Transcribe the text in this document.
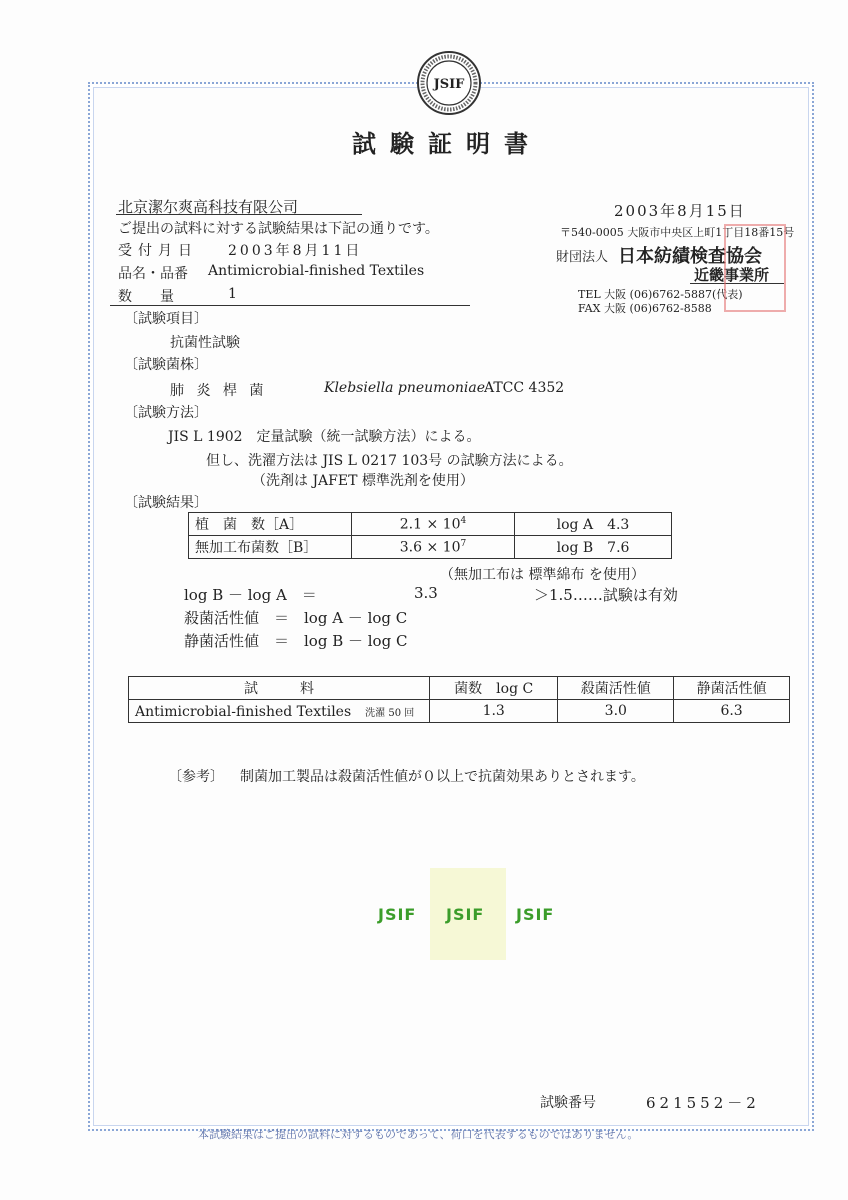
JSIF
試験証明書
北京潔尔爽高科技有限公司
ご提出の試料に対する試験結果は下記の通りです。
受付月日 2003年8月11日
品名・品番 Antimicrobial-finished Textiles
数　　量	1
2003年8月15日
〒540-0005 大阪市中央区上町1丁目18番15号
財団法人 日本紡績検査協会
近畿事業所
TEL 大阪 (06)6762-5887(代表)
FAX 大阪 (06)6762-8588
〔試験項目〕
抗菌性試験
〔試験菌株〕
肺 炎 桿 菌	Klebsiella pneumoniae ATCC 4352
〔試験方法〕
JIS L 1902　定量試験（統一試験方法）による。
但し、洗濯方法は JIS L 0217 103号 の試験方法による。
（洗剤は JAFET 標準洗剤を使用）
〔試験結果〕
植　菌　数［A］	$2.1 \times 10^4$	log A　4.3
無加工布菌数［B］	$3.6 \times 10^7$	log B　7.6
（無加工布は 標準綿布 を使用）
log B － log A　＝	3.3	＞1.5……試験は有効
殺菌活性値　＝　log A － log C
静菌活性値　＝　log B － log C
試　　　料	菌数　log C	殺菌活性値	静菌活性値
Antimicrobial-finished Textiles　 洗濯 50 回	1.3	3.0	6.3
〔参考〕 制菌加工製品は殺菌活性値が０以上で抗菌効果ありとされます。
JSIF JSIF JSIF
試験番号	621552－2
本試験結果はご提出の試料に対するものであって、荷口を代表するものではありません。
